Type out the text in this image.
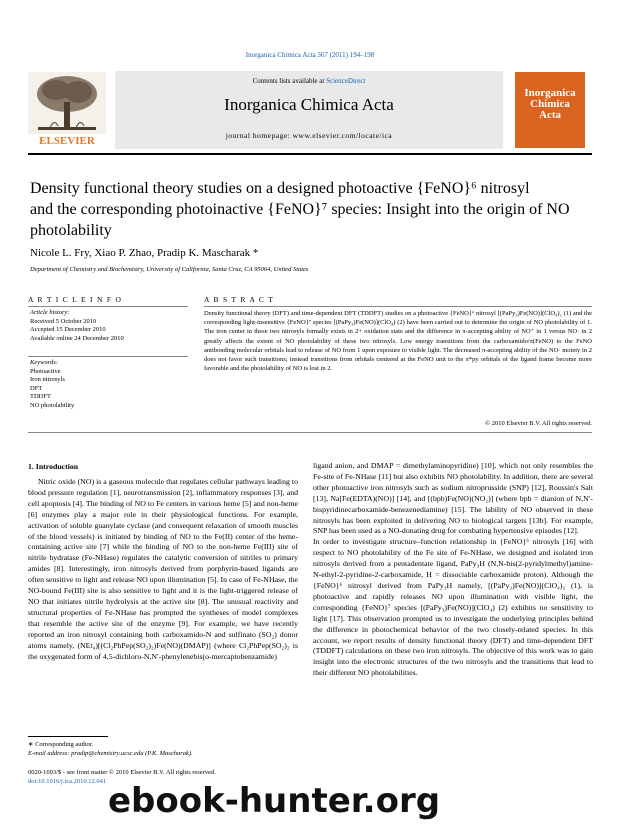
Inorganica Chimica Acta 367 (2011) 194–198
Contents lists available at ScienceDirect
Inorganica Chimica Acta
journal homepage: www.elsevier.com/locate/ica
ELSEVIER
Inorganica
Chimica Acta
Density functional theory studies on a designed photoactive {FeNO}⁶ nitrosyl
and the corresponding photoinactive {FeNO}⁷ species: Insight into the origin of NO
photolability
Nicole L. Fry, Xiao P. Zhao, Pradip K. Mascharak *
Department of Chemistry and Biochemistry, University of California, Santa Cruz, CA 95064, United States
A R T I C L E I N F O
Article history:
Received 5 October 2010
Accepted 15 December 2010
Available online 24 December 2010
Keywords:
Photoactive
Iron nitrosyls
DFT
TDDFT
NO photolability
A B S T R A C T
Density functional theory (DFT) and time-dependent DFT (TDDFT) studies on a photoactive {FeNO}⁶ nitrosyl [(PaPy₃)Fe(NO)](ClO₄)₂ (1) and the corresponding light-insensitive {FeNO}⁷ species [(PaPy₃)Fe(NO)](ClO₄) (2) have been carried out to determine the origin of NO photolability of 1. The iron center in these two nitrosyls formally exists in 2+ oxidation state and the difference in π-accepting ability of NO⁺ in 1 versus NO· in 2 greatly affects the extent of NO photolability of these two nitrosyls. Low energy transitions from the carboxamido/π(FeNO) to the FeNO antibonding molecular orbitals lead to release of NO from 1 upon exposure to visible light. The decreased π-accepting ability of the NO· moiety in 2 does not favor such transitions; instead transitions from orbitals centered at the FeNO unit to the π*py orbitals of the ligand frame become more favorable and the photolability of NO is lost in 2.
© 2010 Elsevier B.V. All rights reserved.
1. Introduction
Nitric oxide (NO) is a gaseous molecule that regulates cellular pathways leading to blood pressure regulation [1], neurotransmission [2], inflammatory responses [3], and cell apoptosis [4]. The binding of NO to Fe centers in various heme [5] and non-heme [6] enzymes play a major role in their physiological functions. For example, activation of soluble guanylate cyclase (and consequent relaxation of smooth muscles of the blood vessels) is initiated by binding of NO to the Fe(II) center of the heme-containing active site [7] while the binding of NO to the non-heme Fe(III) site of nitrile hydratase (Fe-NHase) regulates the catalytic conversion of nitriles to primary amides [8]. Interestingly, iron nitrosyls derived from porphyrin-based ligands are often sensitive to light and release NO upon illumination [5]. In case of Fe-NHase, the NO-bound Fe(III) site is also sensitive to light and it is the light-triggered release of NO that initiates nitrile hydrolysis at the active site [8]. The unusual reactivity and structural properties of Fe-NHase has prompted the syntheses of model complexes that resemble the active site of the enzyme [9]. For example, we have recently reported an iron nitrosyl containing both carboxamido-N and sulfinato (SO₂) donor atoms namely, (NEt₄)[(Cl₂PhPep(SO₂)₂)Fe(NO)(DMAP)] (where Cl₂PhPep(SO₂)₂ is the oxygenated form of 4,5-dichloro-N,N′-phenylenebis(o-mercaptobenzamide)
ligand anion, and DMAP = dimethylaminopyridine) [10], which not only resembles the Fe-site of Fe-NHase [11] but also exhibits NO photolability. In addition, there are several other photoactive iron nitrosyls such as sodium nitroprusside (SNP) [12], Roussin's Salt [13], Na[Fe(EDTA)(NO)] [14], and [(bpb)Fe(NO)(NO₂)] (where bpb = dianion of N,N′-bispyridinecarboxamide-benezenediamine) [15]. The lability of NO observed in these nitrosyls has been exploited in delivering NO to biological targets [13b]. For example, SNP has been used as a NO-donating drug for combating hypertensive episodes [12].
In order to investigate structure–function relationship in {FeNO}⁶ nitrosyls [16] with respect to NO photolability of the Fe site of Fe-NHase, we designed and isolated iron nitrosyls derived from a pentadentate ligand, PaPy₃H (N,N-bis(2-pyridylmethyl)amine-N-ethyl-2-pyridine-2-carboxamide, H = dissociable carboxamide proton). Although the {FeNO}⁶ nitrosyl derived from PaPy₃H namely, [(PaPy₃)Fe(NO)](ClO₄)₂ (1), is photoactive and rapidly releases NO upon illumination with visible light, the corresponding {FeNO}⁷ species [(PaPy₃)Fe(NO)](ClO₄) (2) exhibits no sensitivity to light [17]. This observation prompted us to investigate the underlying principles behind the difference in photochemical behavior of the two closely-related species. In this account, we report results of density functional theory (DFT) and time-dependent DFT (TDDFT) calculations on these two iron nitrosyls. The objective of this work was to gain insight into the electronic structures of the two nitrosyls and the transitions that lead to their different NO photolabilities.
∗ Corresponding author.
E-mail address: pradip@chemistry.ucsc.edu (P.K. Mascharak).
0020-1693/$ - see front matter © 2010 Elsevier B.V. All rights reserved.
doi:10.1016/j.ica.2010.12.041 ebook-hunter.org
